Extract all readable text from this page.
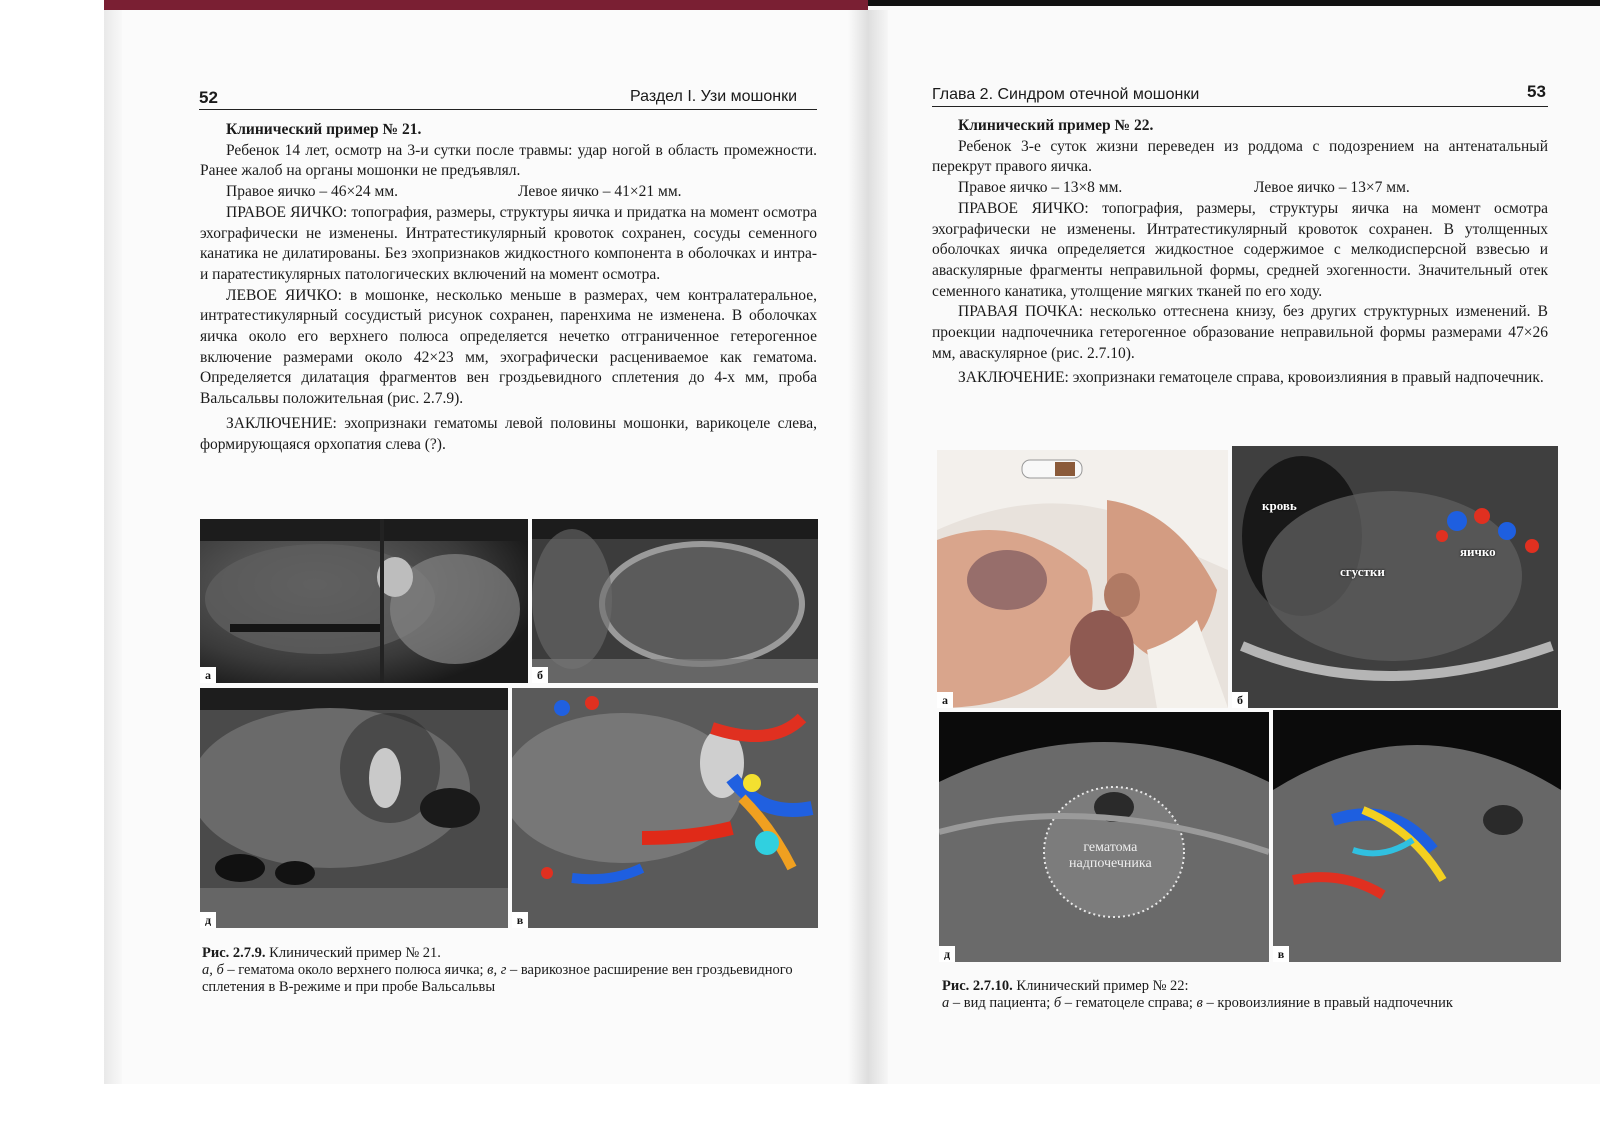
52	Раздел I. Узи мошонки

Клинический пример № 21.

Ребенок 14 лет, осмотр на 3-и сутки после травмы: удар ногой в область промежности. Ранее жалоб на органы мошонки не предъявлял.

Правое яичко – 46×24 мм.	Левое яичко – 41×21 мм.

ПРАВОЕ ЯИЧКО: топография, размеры, структуры яичка и придатка на момент осмотра эхографически не изменены. Интратестикулярный кровоток сохранен, сосуды семенного канатика не дилатированы. Без эхопризнаков жидкостного компонента в оболочках и интра- и паратестикулярных патологических включений на момент осмотра.

ЛЕВОЕ ЯИЧКО: в мошонке, несколько меньше в размерах, чем контралатеральное, интратестикулярный сосудистый рисунок сохранен, паренхима не изменена. В оболочках яичка около его верхнего полюса определяется нечетко отграниченное гетерогенное включение размерами около 42×23 мм, эхографически расцениваемое как гематома. Определяется дилатация фрагментов вен гроздьевидного сплетения до 4-х мм, проба Вальсальвы положительная (рис. 2.7.9).

ЗАКЛЮЧЕНИЕ: эхопризнаки гематомы левой половины мошонки, варикоцеле слева, формирующаяся орхопатия слева (?).

а	б
д	в

Рис. 2.7.9. Клинический пример № 21.

а, б – гематома около верхнего полюса яичка; в, г – варикозное расширение вен гроздьевидного сплетения в В-режиме и при пробе Вальсальвы

Глава 2. Синдром отечной мошонки	53

Клинический пример № 22.

Ребенок 3-е суток жизни переведен из роддома с подозрением на антенатальный перекрут правого яичка.

Правое яичко – 13×8 мм.	Левое яичко – 13×7 мм.

ПРАВОЕ ЯИЧКО: топография, размеры, структуры яичка на момент осмотра эхографически не изменены. Интратестикулярный кровоток сохранен. В утолщенных оболочках яичка определяется жидкостное содержимое с мелкодисперсной взвесью и аваскулярные фрагменты неправильной формы, средней эхогенности. Значительный отек семенного канатика, утолщение мягких тканей по его ходу.

ПРАВАЯ ПОЧКА: несколько оттеснена книзу, без других структурных изменений. В проекции надпочечника гетерогенное образование неправильной формы размерами 47×26 мм, аваскулярное (рис. 2.7.10).

ЗАКЛЮЧЕНИЕ: эхопризнаки гематоцеле справа, кровоизлияния в правый надпочечник.

а
кровь
сгустки
яичко
б
гематома
надпочечника
д	в

Рис. 2.7.10. Клинический пример № 22:

а – вид пациента; б – гематоцеле справа; в – кровоизлияние в правый надпочечник
